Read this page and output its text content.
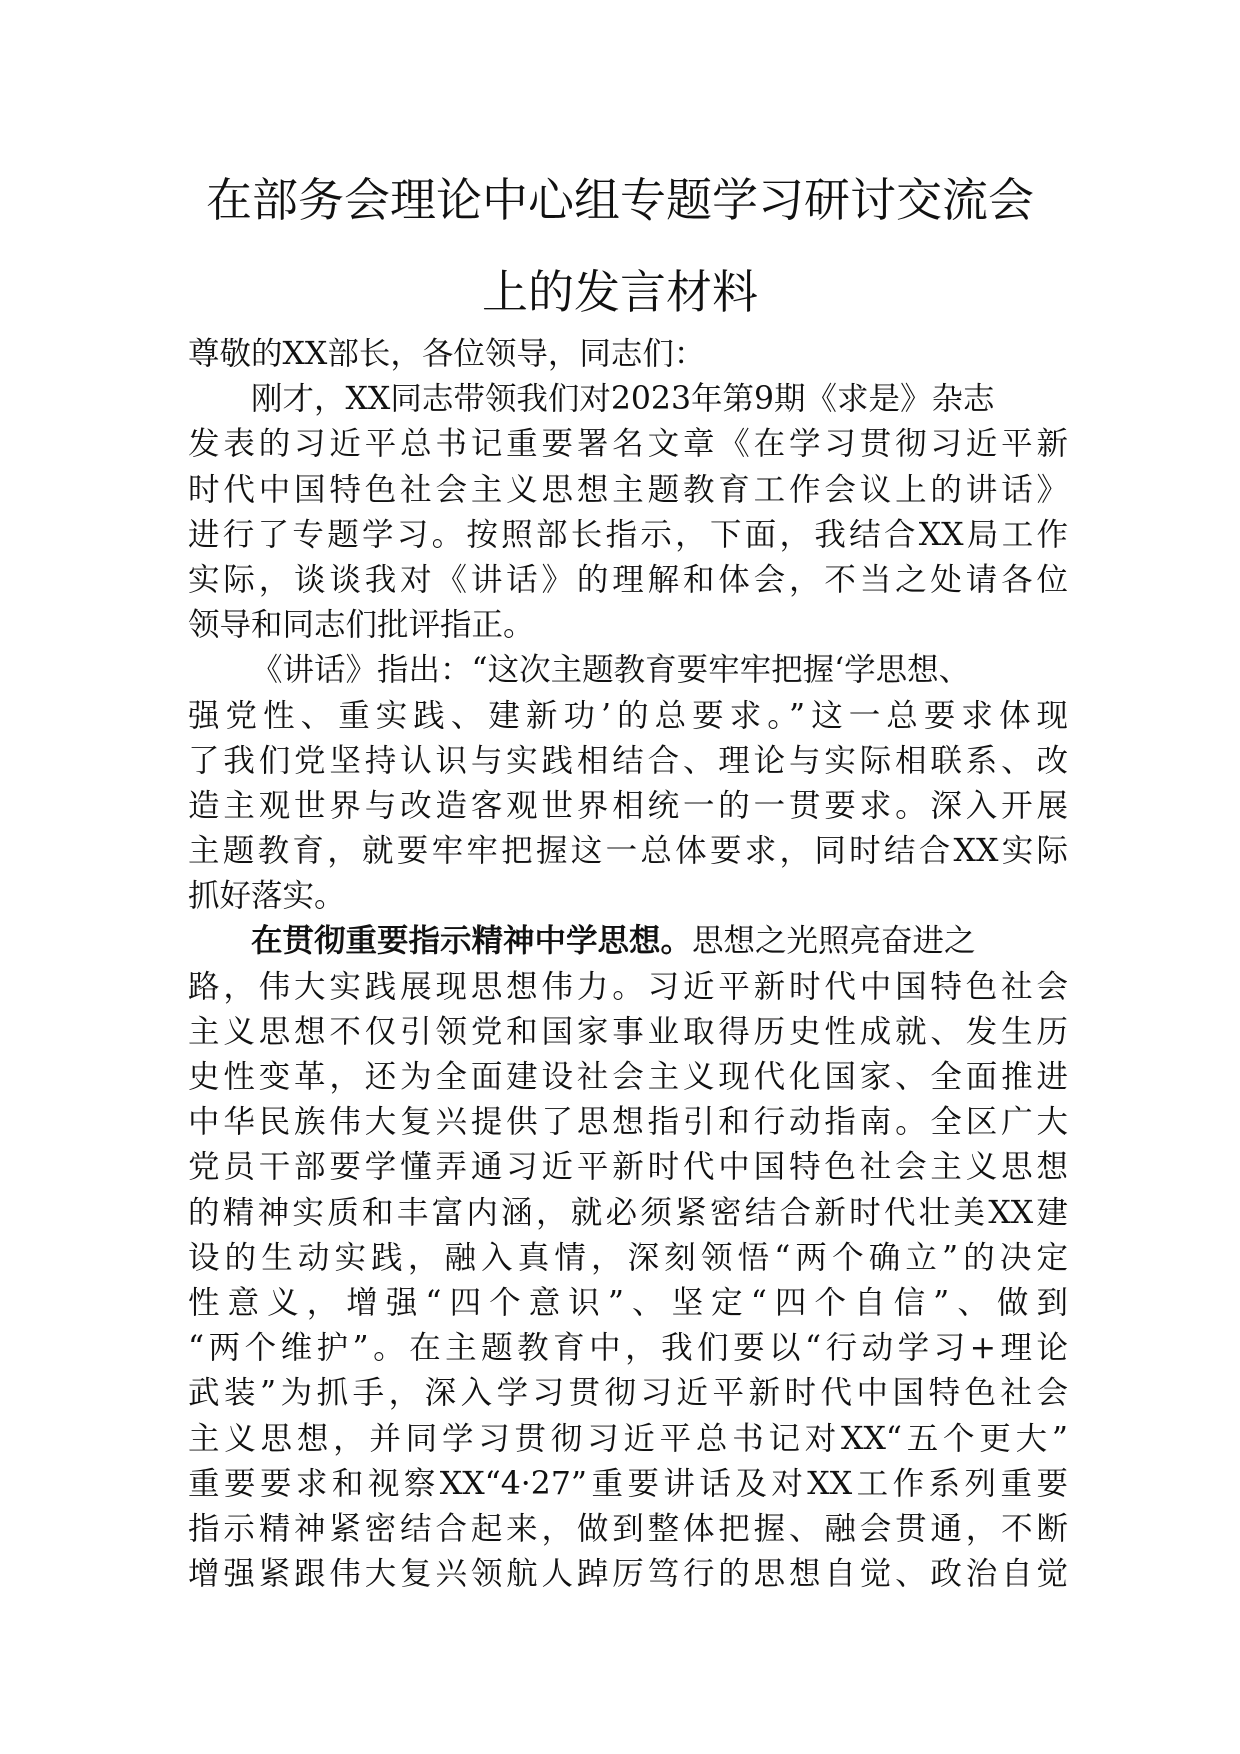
在部务会理论中心组专题学习研讨交流会
上的发言材料
尊敬的XX部长，各位领导，同志们：
刚才，XX同志带领我们对2023年第9期《求是》杂志
发表的习近平总书记重要署名文章《在学习贯彻习近平新
时代中国特色社会主义思想主题教育工作会议上的讲话》
进行了专题学习。按照部长指示，下面，我结合XX局工作
实际，谈谈我对《讲话》的理解和体会，不当之处请各位
领导和同志们批评指正。
《讲话》指出：“这次主题教育要牢牢把握‘学思想、
强党性、重实践、建新功’的总要求。”这一总要求体现
了我们党坚持认识与实践相结合、理论与实际相联系、改
造主观世界与改造客观世界相统一的一贯要求。深入开展
主题教育，就要牢牢把握这一总体要求，同时结合XX实际
抓好落实。
在贯彻重要指示精神中学思想。思想之光照亮奋进之
路，伟大实践展现思想伟力。习近平新时代中国特色社会
主义思想不仅引领党和国家事业取得历史性成就、发生历
史性变革，还为全面建设社会主义现代化国家、全面推进
中华民族伟大复兴提供了思想指引和行动指南。全区广大
党员干部要学懂弄通习近平新时代中国特色社会主义思想
的精神实质和丰富内涵，就必须紧密结合新时代壮美XX建
设的生动实践，融入真情，深刻领悟“两个确立”的决定
性意义，增强“四个意识”、坚定“四个自信”、做到
“两个维护”。在主题教育中，我们要以“行动学习+理论
武装”为抓手，深入学习贯彻习近平新时代中国特色社会
主义思想，并同学习贯彻习近平总书记对XX“五个更大”
重要要求和视察XX“4·27”重要讲话及对XX工作系列重要
指示精神紧密结合起来，做到整体把握、融会贯通，不断
增强紧跟伟大复兴领航人踔厉笃行的思想自觉、政治自觉
